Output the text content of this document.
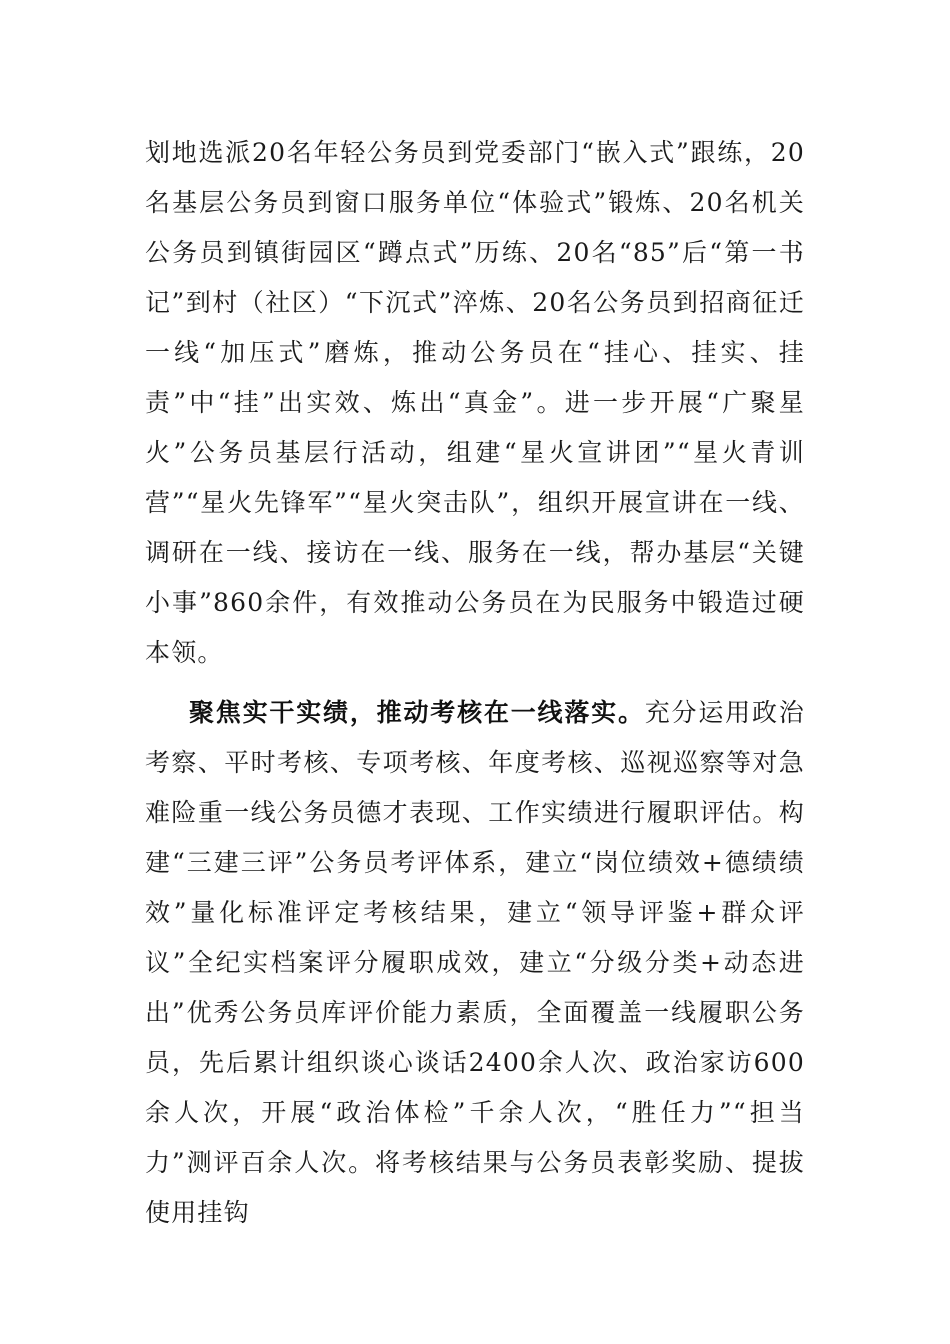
划地选派20名年轻公务员到党委部门“嵌入式”跟练，20名基层公务员到窗口服务单位“体验式”锻炼、20名机关公务员到镇街园区“蹲点式”历练、20名“85”后“第一书记”到村（社区）“下沉式”淬炼、20名公务员到招商征迁一线“加压式”磨炼，推动公务员在“挂心、挂实、挂责”中“挂”出实效、炼出“真金”。进一步开展“广聚星火”公务员基层行活动，组建“星火宣讲团”“星火青训营”“星火先锋军”“星火突击队”，组织开展宣讲在一线、调研在一线、接访在一线、服务在一线，帮办基层“关键小事”860余件，有效推动公务员在为民服务中锻造过硬本领。

聚焦实干实绩，推动考核在一线落实。充分运用政治考察、平时考核、专项考核、年度考核、巡视巡察等对急难险重一线公务员德才表现、工作实绩进行履职评估。构建“三建三评”公务员考评体系，建立“岗位绩效+德绩绩效”量化标准评定考核结果，建立“领导评鉴+群众评议”全纪实档案评分履职成效，建立“分级分类+动态进出”优秀公务员库评价能力素质，全面覆盖一线履职公务员，先后累计组织谈心谈话2400余人次、政治家访600余人次，开展“政治体检”千余人次，“胜任力”“担当力”测评百余人次。将考核结果与公务员表彰奖励、提拔使用挂钩
